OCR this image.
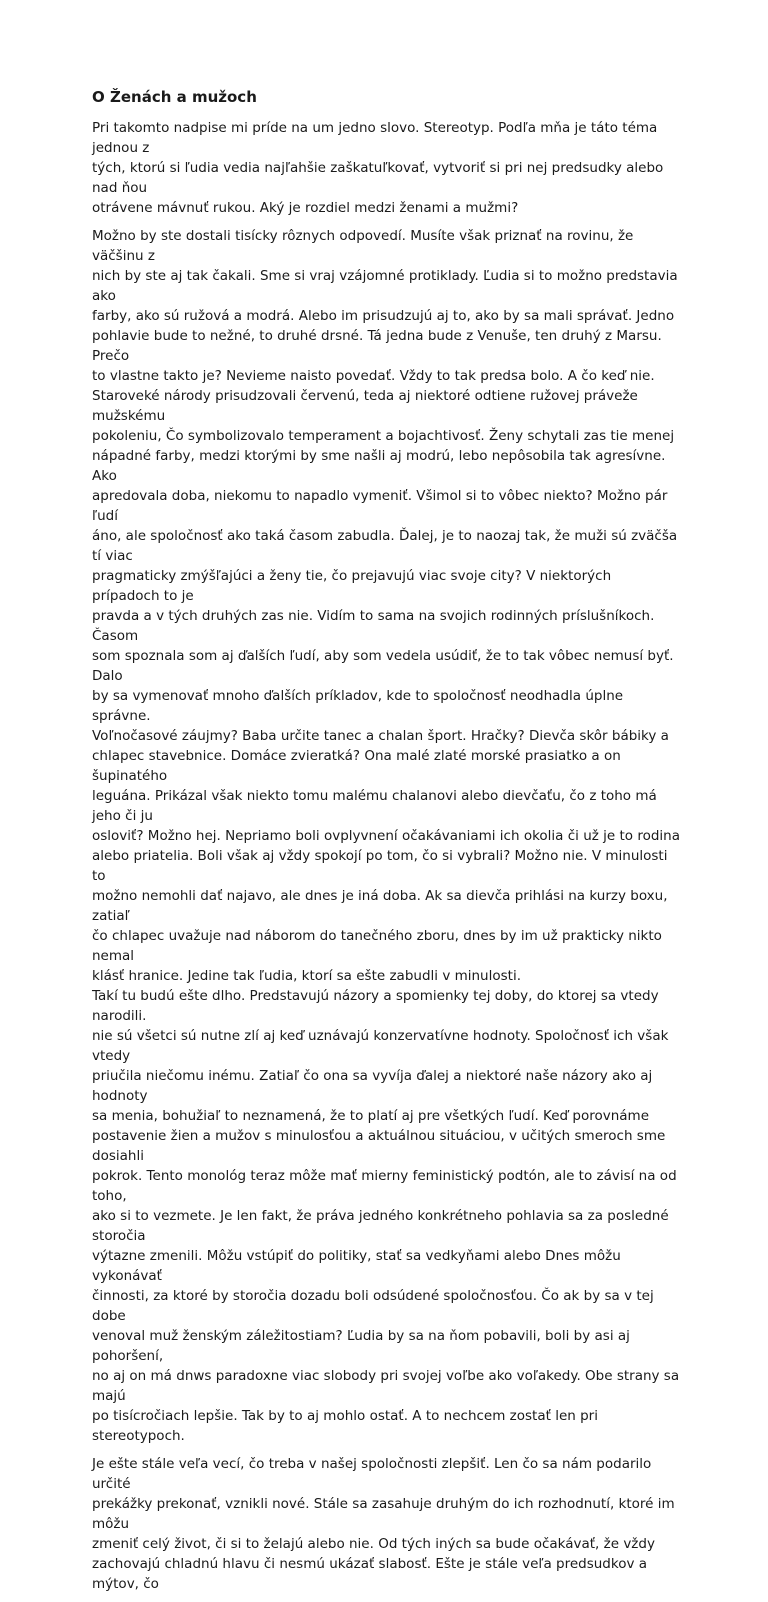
O Ženách a mužoch

Pri takomto nadpise mi príde na um jedno slovo. Stereotyp. Podľa mňa je táto téma jednou z
tých, ktorú si ľudia vedia najľahšie zaškatuľkovať, vytvoriť si pri nej predsudky alebo nad ňou
otrávene mávnuť rukou. Aký je rozdiel medzi ženami a mužmi?

Možno by ste dostali tisícky rôznych odpovedí. Musíte však priznať na rovinu, že väčšinu z
nich by ste aj tak čakali. Sme si vraj vzájomné protiklady. Ľudia si to možno predstavia ako
farby, ako sú ružová a modrá. Alebo im prisudzujú aj to, ako by sa mali správať. Jedno
pohlavie bude to nežné, to druhé drsné. Tá jedna bude z Venuše, ten druhý z Marsu. Prečo
to vlastne takto je? Nevieme naisto povedať. Vždy to tak predsa bolo. A čo keď nie.
Staroveké národy prisudzovali červenú, teda aj niektoré odtiene ružovej práveže mužskému
pokoleniu, Čo symbolizovalo temperament a bojachtivosť. Ženy schytali zas tie menej
nápadné farby, medzi ktorými by sme našli aj modrú, lebo nepôsobila tak agresívne. Ako
apredovala doba, niekomu to napadlo vymeniť. Všimol si to vôbec niekto? Možno pár ľudí
áno, ale spoločnosť ako taká časom zabudla. Ďalej, je to naozaj tak, že muži sú zväčša tí viac
pragmaticky zmýšľajúci a ženy tie, čo prejavujú viac svoje city? V niektorých prípadoch to je
pravda a v tých druhých zas nie. Vidím to sama na svojich rodinných príslušníkoch. Časom
som spoznala som aj ďalších ľudí, aby som vedela usúdiť, že to tak vôbec nemusí byť. Dalo
by sa vymenovať mnoho ďalších príkladov, kde to spoločnosť neodhadla úplne správne.
Voľnočasové záujmy? Baba určite tanec a chalan šport. Hračky? Dievča skôr bábiky a
chlapec stavebnice. Domáce zvieratká? Ona malé zlaté morské prasiatko a on šupinatého
leguána. Prikázal však niekto tomu malému chalanovi alebo dievčaťu, čo z toho má jeho či ju
osloviť? Možno hej. Nepriamo boli ovplyvnení očakávaniami ich okolia či už je to rodina
alebo priatelia. Boli však aj vždy spokojí po tom, čo si vybrali? Možno nie. V minulosti to
možno nemohli dať najavo, ale dnes je iná doba. Ak sa dievča prihlási na kurzy boxu, zatiaľ
čo chlapec uvažuje nad náborom do tanečného zboru, dnes by im už prakticky nikto nemal
klásť hranice. Jedine tak ľudia, ktorí sa ešte zabudli v minulosti.
Takí tu budú ešte dlho. Predstavujú názory a spomienky tej doby, do ktorej sa vtedy narodili.
nie sú všetci sú nutne zlí aj keď uznávajú konzervatívne hodnoty. Spoločnosť ich však vtedy
priučila niečomu inému. Zatiaľ čo ona sa vyvíja ďalej a niektoré naše názory ako aj hodnoty
sa menia, bohužiaľ to neznamená, že to platí aj pre všetkých ľudí. Keď porovnáme
postavenie žien a mužov s minulosťou a aktuálnou situáciou, v učitých smeroch sme dosiahli
pokrok. Tento monológ teraz môže mať mierny feministický podtón, ale to závisí na od toho,
ako si to vezmete. Je len fakt, že práva jedného konkrétneho pohlavia sa za posledné storočia
výtazne zmenili. Môžu vstúpiť do politiky, stať sa vedkyňami alebo Dnes môžu vykonávať
činnosti, za ktoré by storočia dozadu boli odsúdené spoločnosťou. Čo ak by sa v tej dobe
venoval muž ženským záležitostiam? Ľudia by sa na ňom pobavili, boli by asi aj pohoršení,
no aj on má dnws paradoxne viac slobody pri svojej voľbe ako voľakedy. Obe strany sa majú
po tisícročiach lepšie. Tak by to aj mohlo ostať. A to nechcem zostať len pri stereotypoch.

Je ešte stále veľa vecí, čo treba v našej spoločnosti zlepšiť. Len čo sa nám podarilo určité
prekážky prekonať, vznikli nové. Stále sa zasahuje druhým do ich rozhodnutí, ktoré im môžu
zmeniť celý život, či si to želajú alebo nie. Od tých iných sa bude očakávať, že vždy
zachovajú chladnú hlavu či nesmú ukázať slabosť. Ešte je stále veľa predsudkov a mýtov, čo
